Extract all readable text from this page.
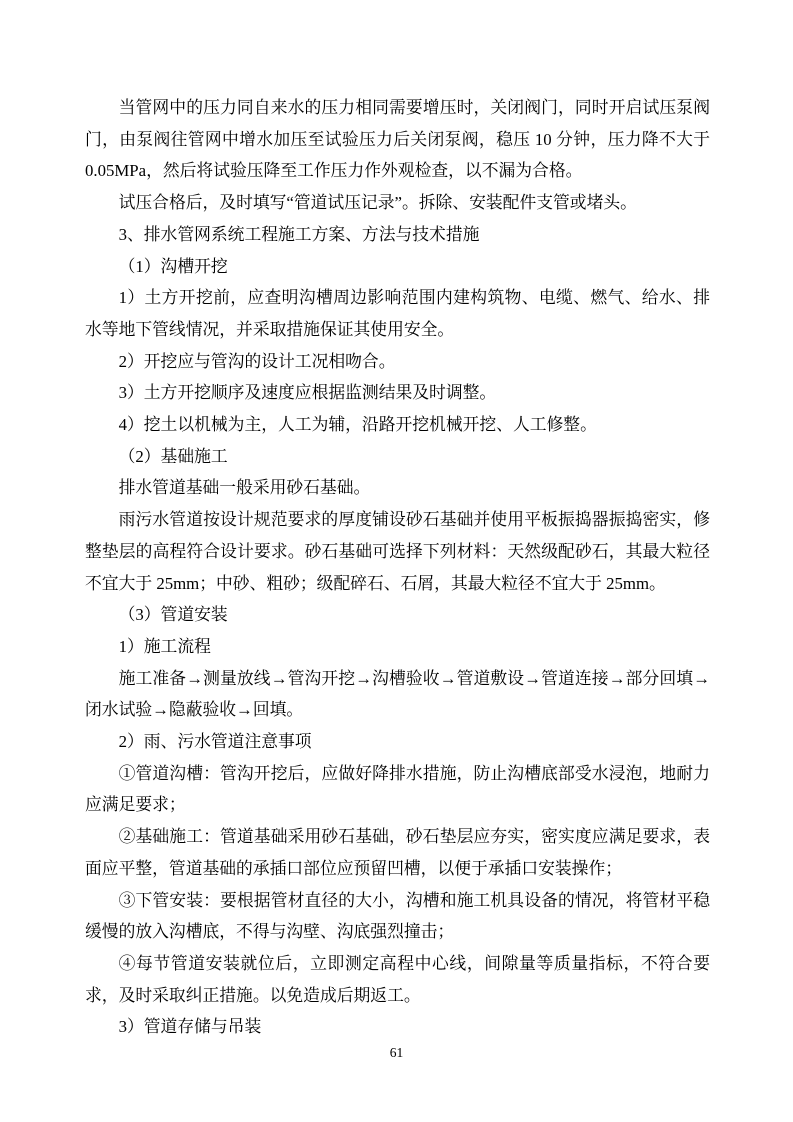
当管网中的压力同自来水的压力相同需要增压时，关闭阀门，同时开启试压泵阀门，由泵阀往管网中增水加压至试验压力后关闭泵阀，稳压 10 分钟，压力降不大于 0.05MPa，然后将试验压降至工作压力作外观检查，以不漏为合格。

试压合格后，及时填写“管道试压记录”。拆除、安装配件支管或堵头。

3、排水管网系统工程施工方案、方法与技术措施

（1）沟槽开挖

1）土方开挖前，应查明沟槽周边影响范围内建构筑物、电缆、燃气、给水、排水等地下管线情况，并采取措施保证其使用安全。

2）开挖应与管沟的设计工况相吻合。

3）土方开挖顺序及速度应根据监测结果及时调整。

4）挖土以机械为主，人工为辅，沿路开挖机械开挖、人工修整。

（2）基础施工

排水管道基础一般采用砂石基础。

雨污水管道按设计规范要求的厚度铺设砂石基础并使用平板振捣器振捣密实，修整垫层的高程符合设计要求。砂石基础可选择下列材料：天然级配砂石，其最大粒径不宜大于 25mm；中砂、粗砂；级配碎石、石屑，其最大粒径不宜大于 25mm。

（3）管道安装

1）施工流程

施工准备→测量放线→管沟开挖→沟槽验收→管道敷设→管道连接→部分回填→闭水试验→隐蔽验收→回填。

2）雨、污水管道注意事项

①管道沟槽：管沟开挖后，应做好降排水措施，防止沟槽底部受水浸泡，地耐力应满足要求；

②基础施工：管道基础采用砂石基础，砂石垫层应夯实，密实度应满足要求，表面应平整，管道基础的承插口部位应预留凹槽，以便于承插口安装操作；

③下管安装：要根据管材直径的大小，沟槽和施工机具设备的情况，将管材平稳缓慢的放入沟槽底，不得与沟壁、沟底强烈撞击；

④每节管道安装就位后，立即测定高程中心线，间隙量等质量指标，不符合要求，及时采取纠正措施。以免造成后期返工。

3）管道存储与吊装

61
